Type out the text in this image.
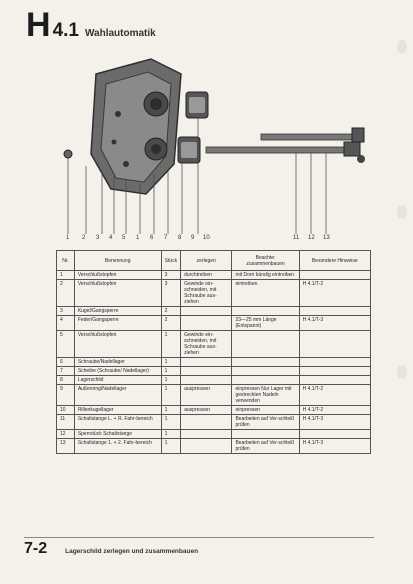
H 4.1 Wahlautomatik
1 2 3 4 5 1 6 7 8 9 10	11 12 13
Nr.	Benennung	Stück	zerlegen	Beachte:
zusammenbauen	Besondere Hinweise
1	Verschlußstopfen	3	durchtreiben	mit Dorn bündig eintreiben	
2	Verschlußstopfen	3	Gewinde ein-schneiden, mit Schraube aus-ziehen	eintreiben	H 4.1/T-2
3	Kugel/Gangsperre	2			
4	Feder/Gangsperre	2		23—25 mm Länge (Entspannt)	H 4.1/T-3
5	Verschlußstopfen	1	Gewinde ein-schneiden, mit Schraube aus-ziehen		
6	Schraube/Nadellager	1			
7	Scheibe (Schraube/ Nadellager)	1			
8	Lagerschild	1			
9	Außenring/Nadellager	1	auspressen	einpressen Nur Lager mit gestreckten Nadeln verwenden	H 4.1/T-2
10	Rillenkugellager	1	auspressen	einpressen	H 4.1/T-2
11	Schaltstange L. + R. Fahr-bereich	1		Bearbeiten auf Ver-schleiß prüfen	H 4.1/T-3
12	Sperrstück Schaltstange	1			
13	Schaltstange 1. + 2. Fahr-bereich	1		Bearbeiten auf Ver-schleiß prüfen	H 4.1/T-3
7-2	Lagerschild zerlegen und zusammenbauen
